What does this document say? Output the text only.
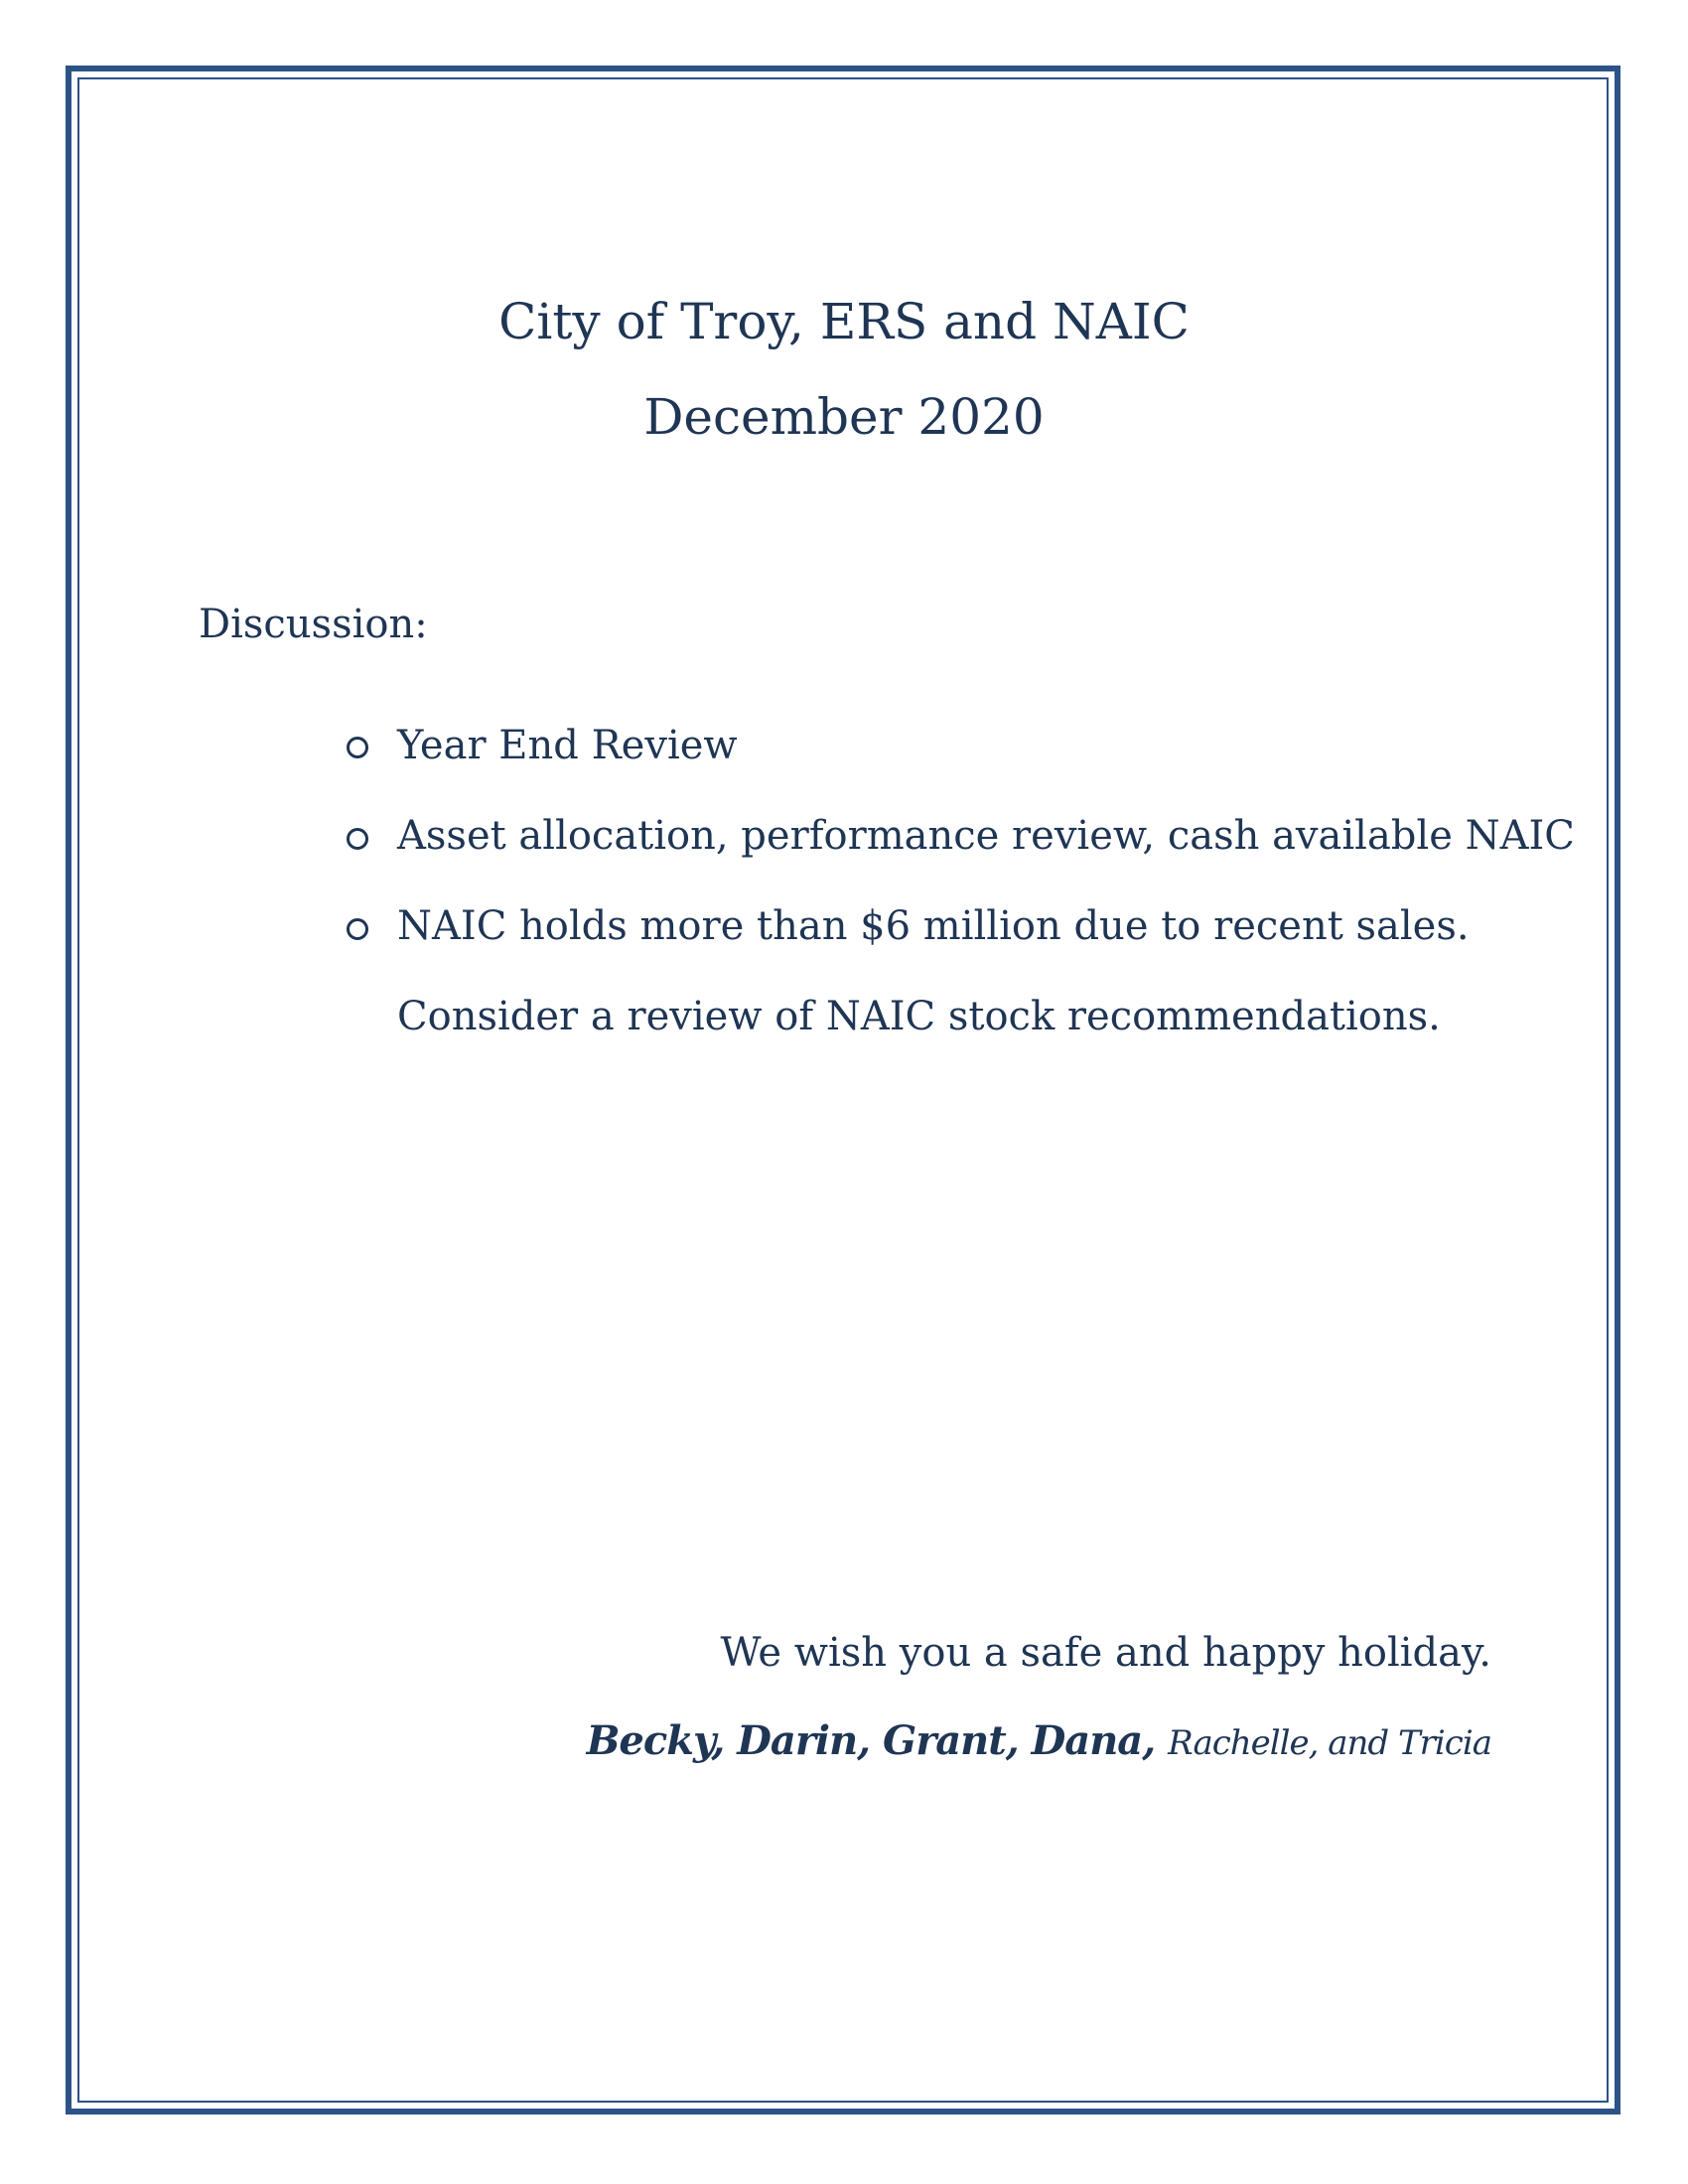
City of Troy, ERS and NAIC
December 2020
Discussion:
Year End Review
Asset allocation, performance review, cash available NAIC
NAIC holds more than $6 million due to recent sales.
Consider a review of NAIC stock recommendations.
We wish you a safe and happy holiday.
Becky, Darin, Grant, Dana, Rachelle, and Tricia
